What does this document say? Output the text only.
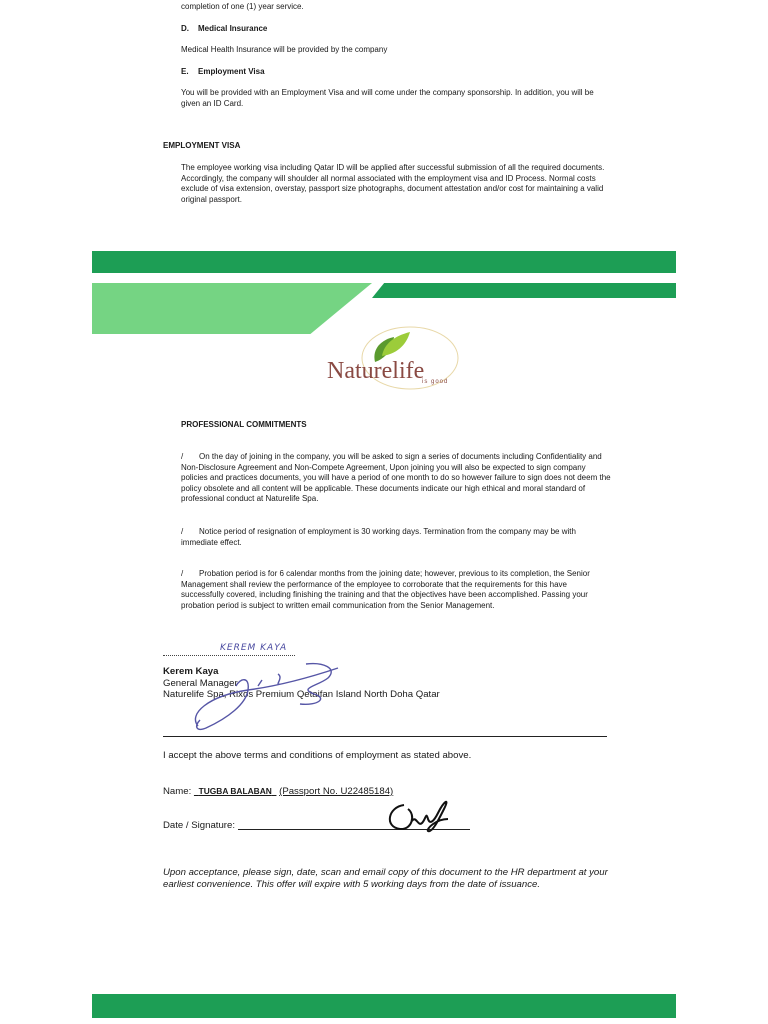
completion of one (1) year service.
D. Medical Insurance
Medical Health Insurance will be provided by the company
E. Employment Visa
You will be provided with an Employment Visa and will come under the company sponsorship. In addition, you will be given an ID Card.
EMPLOYMENT VISA
The employee working visa including Qatar ID will be applied after successful submission of all the required documents. Accordingly, the company will shoulder all normal associated with the employment visa and ID Process. Normal costs exclude of visa extension, overstay, passport size photographs, document attestation and/or cost for maintaining a valid original passport.
Naturelife
is good
PROFESSIONAL COMMITMENTS
/ On the day of joining in the company, you will be asked to sign a series of documents including Confidentiality and Non-Disclosure Agreement and Non-Compete Agreement, Upon joining you will also be expected to sign company policies and practices documents, you will have a period of one month to do so however failure to sign does not deem the policy obsolete and all content will be applicable. These documents indicate our high ethical and moral standard of professional conduct at Naturelife Spa.
/ Notice period of resignation of employment is 30 working days. Termination from the company may be with immediate effect.
/ Probation period is for 6 calendar months from the joining date; however, previous to its completion, the Senior Management shall review the performance of the employee to corroborate that the requirements for this have successfully covered, including finishing the training and that the objectives have been accomplished. Passing your probation period is subject to written email communication from the Senior Management.
KEREM KAYA
Kerem Kaya
General Manager
Naturelife Spa, Rixos Premium Qetaifan Island North Doha Qatar
I accept the above terms and conditions of employment as stated above.
Name: TUGBA BALABAN (Passport No. U22485184)
Date / Signature:
Upon acceptance, please sign, date, scan and email copy of this document to the HR department at your earliest convenience. This offer will expire with 5 working days from the date of issuance.
